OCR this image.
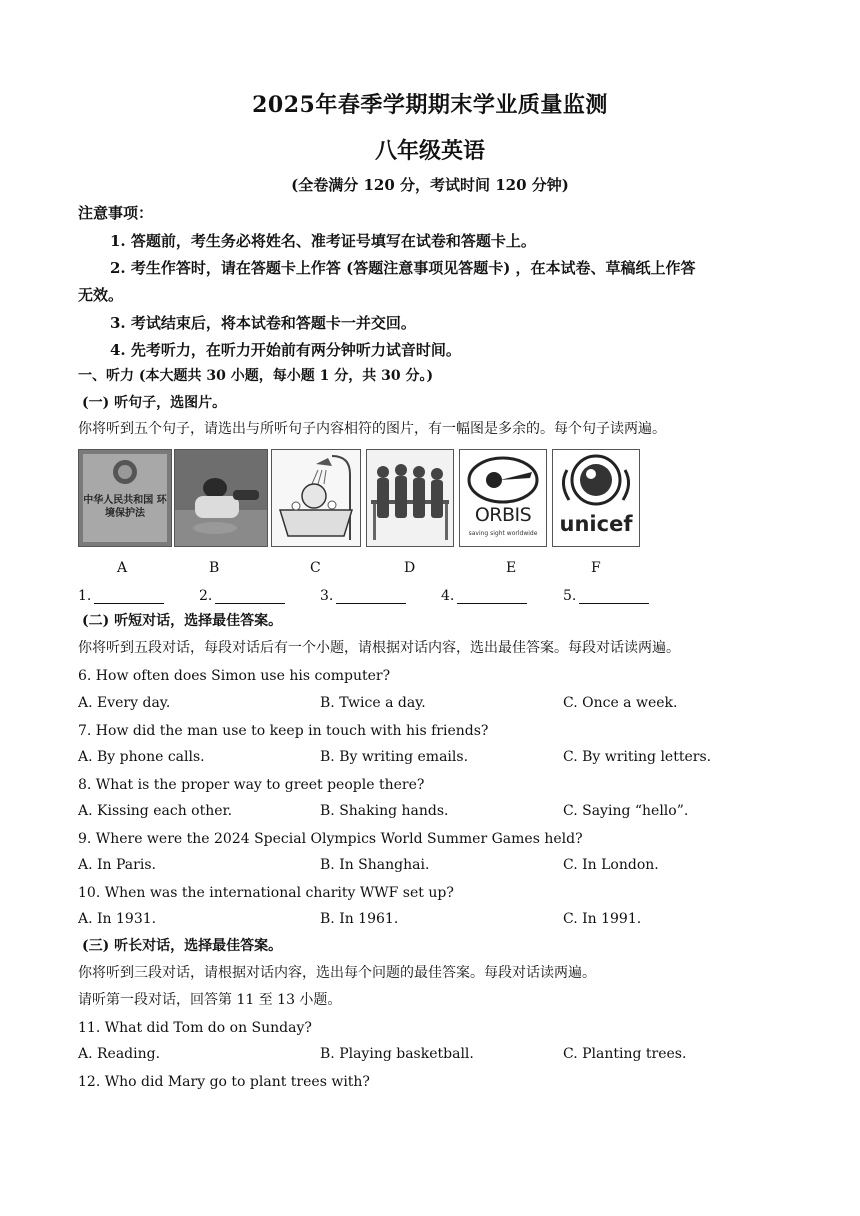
2025年春季学期期末学业质量监测
八年级英语
(全卷满分 120 分，考试时间 120 分钟)
注意事项：
1. 答题前，考生务必将姓名、准考证号填写在试卷和答题卡上。
2. 考生作答时，请在答题卡上作答 (答题注意事项见答题卡) ，在本试卷、草稿纸上作答
无效。
3. 考试结束后，将本试卷和答题卡一并交回。
4. 先考听力，在听力开始前有两分钟听力试音时间。
一、听力 (本大题共 30 小题，每小题 1 分，共 30 分。)
(一) 听句子，选图片。
你将听到五个句子，请选出与所听句子内容相符的图片，有一幅图是多余的。每个句子读两遍。
中华人民共和国 环境保护法	ORBIS
saving sight worldwide	unicef
A	B	C	D	E	F
1.	2.	3.	4.	5.
(二) 听短对话，选择最佳答案。
你将听到五段对话，每段对话后有一个小题，请根据对话内容，选出最佳答案。每段对话读两遍。
6. How often does Simon use his computer?
A. Every day.	B. Twice a day.	C. Once a week.
7. How did the man use to keep in touch with his friends?
A. By phone calls.	B. By writing emails.	C. By writing letters.
8. What is the proper way to greet people there?
A. Kissing each other.	B. Shaking hands.	C. Saying “hello”.
9. Where were the 2024 Special Olympics World Summer Games held?
A. In Paris.	B. In Shanghai.	C. In London.
10. When was the international charity WWF set up?
A. In 1931.	B. In 1961.	C. In 1991.
(三) 听长对话，选择最佳答案。
你将听到三段对话，请根据对话内容，选出每个问题的最佳答案。每段对话读两遍。
请听第一段对话，回答第 11 至 13 小题。
11. What did Tom do on Sunday?
A. Reading.	B. Playing basketball.	C. Planting trees.
12. Who did Mary go to plant trees with?
